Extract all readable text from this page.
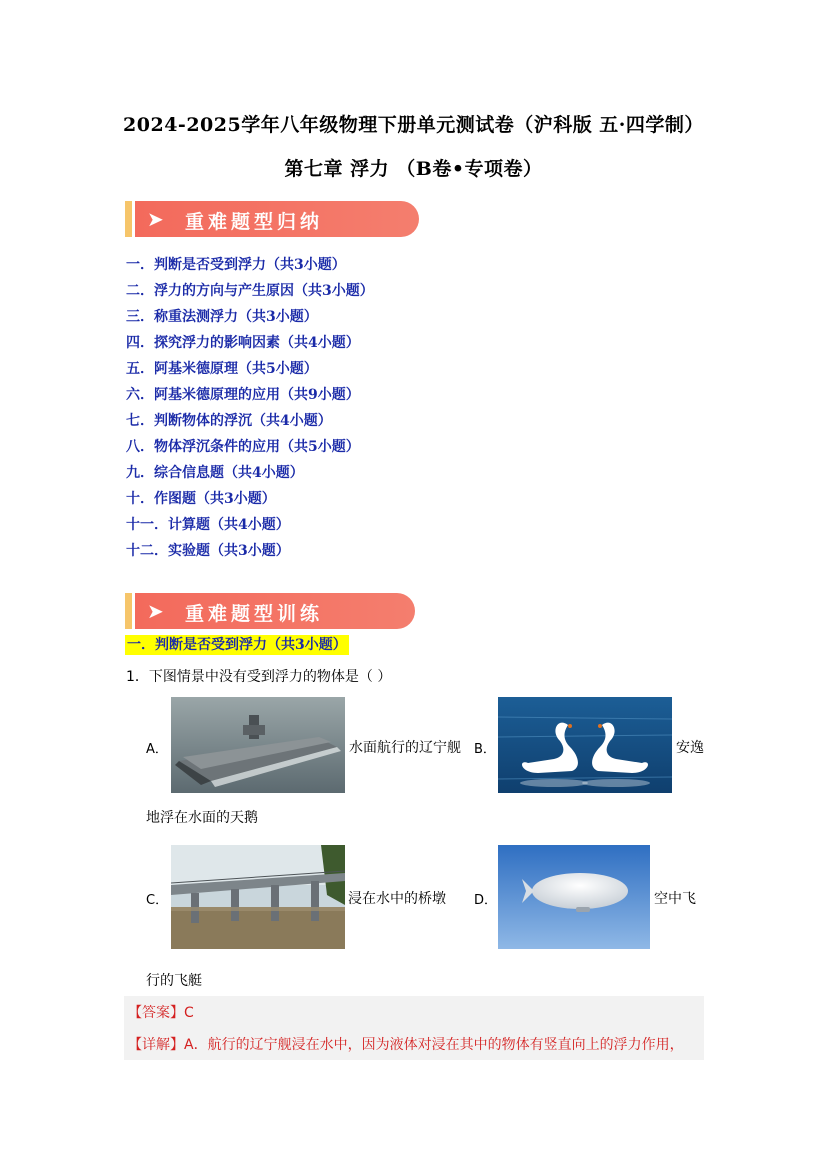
2024-2025学年八年级物理下册单元测试卷（沪科版 五·四学制）
第七章 浮力 （B卷•专项卷）
➤ 重难题型归纳
一．判断是否受到浮力（共3小题）
二．浮力的方向与产生原因（共3小题）
三．称重法测浮力（共3小题）
四．探究浮力的影响因素（共4小题）
五．阿基米德原理（共5小题）
六．阿基米德原理的应用（共9小题）
七．判断物体的浮沉（共4小题）
八．物体浮沉条件的应用（共5小题）
九．综合信息题（共4小题）
十．作图题（共3小题）
十一．计算题（共4小题）
十二．实验题（共3小题）
➤ 重难题型训练
一．判断是否受到浮力（共3小题）
1．下图情景中没有受到浮力的物体是（ ）
A．	水面航行的辽宁舰 B．	安逸
地浮在水面的天鹅
C．	浸在水中的桥墩 D．	空中飞
行的飞艇
【答案】C
【详解】A．航行的辽宁舰浸在水中，因为液体对浸在其中的物体有竖直向上的浮力作用，
